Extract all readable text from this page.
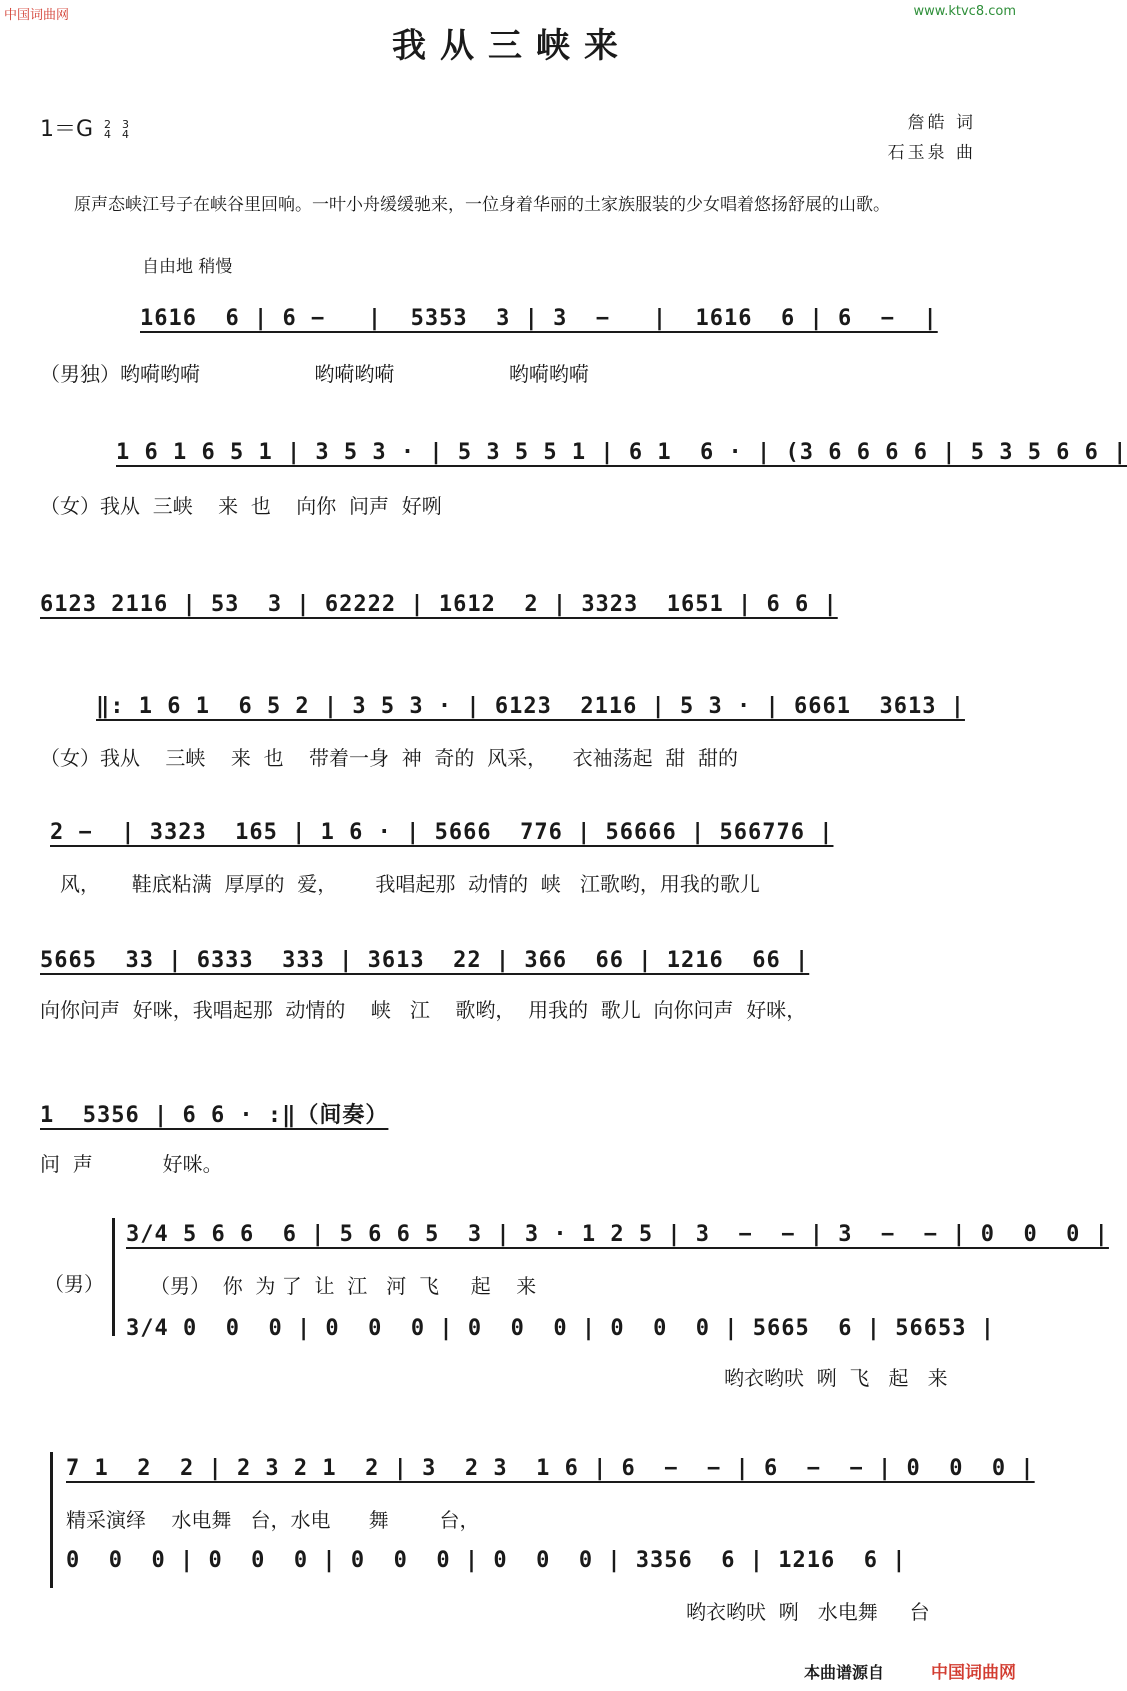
中国词曲网	www.ktvc8.com
我从三峡来
1＝G 2
4 3
4
詹皓 词
石玉泉 曲
原声态峡江号子在峡谷里回响。一叶小舟缓缓驰来，一位身着华丽的土家族服装的少女唱着悠扬舒展的山歌。
自由地 稍慢
1616  6 | 6 −   |  5353  3 | 3  −   |  1616  6 | 6  −  |
（男独）哟嗬哟嗬                  哟嗬哟嗬                  哟嗬哟嗬
1 6 1 6 5 1 | 3 5 3 · | 5 3 5 5 1 | 6 1  6 · | (3 6 6 6 6 | 5 3 5 6 6 |
（女）我从  三峡    来  也    向你  问声  好咧
6123 2116 | 53  3 | 62222 | 1612  2 | 3323  1651 | 6 6 |
‖: 1 6 1  6 5 2 | 3 5 3 · | 6123  2116 | 5 3 · | 6661  3613 |
（女）我从    三峡    来  也    带着一身  神  奇的  风采，    衣袖荡起  甜  甜的
2 −  | 3323  165 | 1 6 · | 5666  776 | 56666 | 566776 |
风，     鞋底粘满  厚厚的  爱，      我唱起那  动情的  峡   江歌哟，用我的歌儿
5665  33 | 6333  333 | 3613  22 | 366  66 | 1216  66 |
向你问声  好咪，我唱起那  动情的    峡   江    歌哟，  用我的  歌儿  向你问声  好咪，
1  5356 | 6 6 · :‖（间奏）
问  声           好咪。
（男）
3/4 5 6 6  6 | 5 6 6 5  3 | 3 · 1 2 5 | 3  −  − | 3  −  − | 0  0  0 |
（男）  你  为 了  让  江   河  飞     起    来
3/4 0  0  0 | 0  0  0 | 0  0  0 | 0  0  0 | 5665  6 | 56653 |
哟衣哟吠  咧  飞   起   来
7 1  2  2 | 2 3 2 1  2 | 3  2 3  1 6 | 6  −  − | 6  −  − | 0  0  0 |
精采演绎    水电舞   台，水电      舞        台，
0  0  0 | 0  0  0 | 0  0  0 | 0  0  0 | 3356  6 | 1216  6 |
哟衣哟吠  咧   水电舞     台
本曲谱源自	中国词曲网
